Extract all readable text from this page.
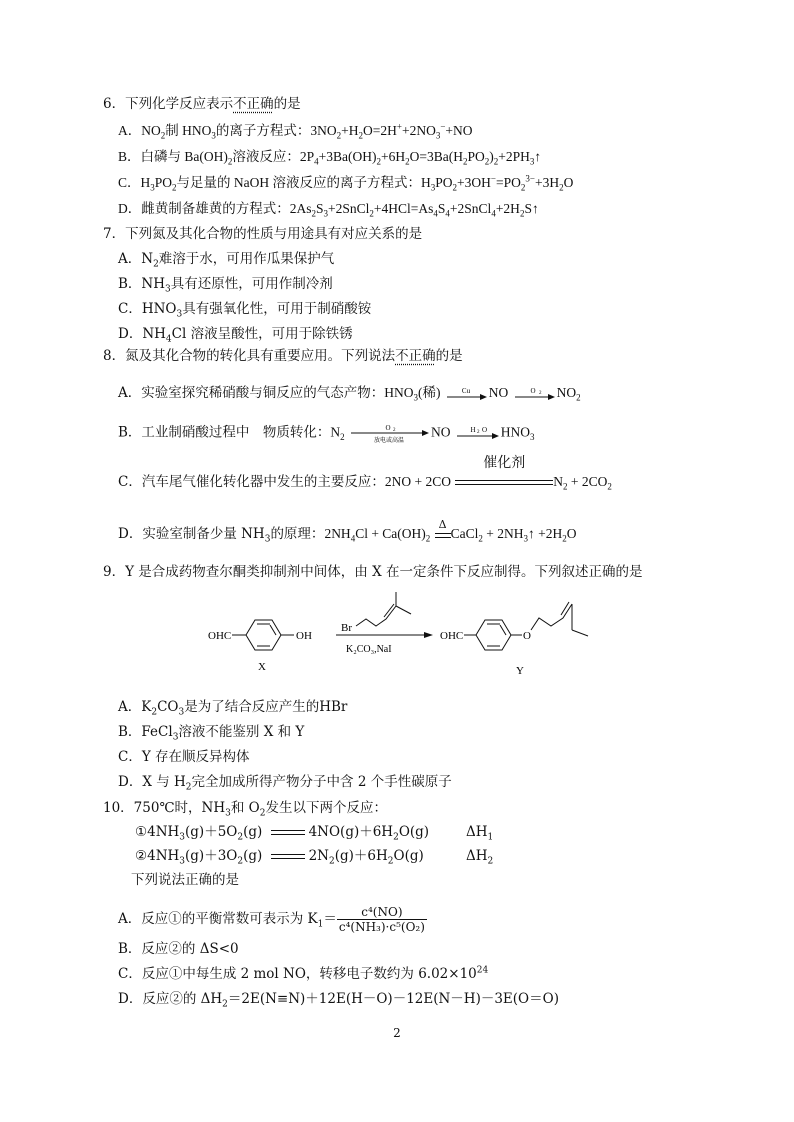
6．下列化学反应表示不正确的是
A．$NO_2$制 $HNO_3$的离子方程式：$3NO_2+H_2O=2H^++2NO_3^-+NO$
B．白磷与 $Ba(OH)_2$溶液反应：$2P_4+3Ba(OH)_2+6H_2O=3Ba(H_2PO_2)_2+2PH_3↑$
C．$H_3PO_2$与足量的 NaOH 溶液反应的离子方程式：$H_3PO_2+3OH^-=PO_2^{3-}+3H_2O$
D．雌黄制备雄黄的方程式：$2As_2S_3+2SnCl_2+4HCl=As_4S_4+2SnCl_4+2H_2S↑$
7．下列氮及其化合物的性质与用途具有对应关系的是
A．$N_2$难溶于水，可用作瓜果保护气
B．$NH_3$具有还原性，可用作制冷剂
C．$HNO_3$具有强氧化性，可用于制硝酸铵
D．$NH_4Cl$ 溶液呈酸性，可用于除铁锈
8．氮及其化合物的转化具有重要应用。下列说法不正确的是
A．实验室探究稀硝酸与铜反应的气态产物：$HNO_3$(稀)	Cu NO	O 2 $NO_2$
B．工业制硝酸过程中　物质转化：$N_2$
O 2
放电或高温
NO	H 2 O $HNO_3$
C．汽车尾气催化转化器中发生的主要反应：2NO + 2CO
催化剂
$N_2 + 2CO_2$
D．实验室制备少量 $NH_3$的原理：$2NH_4Cl + Ca(OH)_2$
Δ
CaCl$_2$ + $2NH_3↑ +2H_2O$
9．Y 是合成药物查尔酮类抑制剂中间体，由 X 在一定条件下反应制得。下列叙述正确的是
OHC	OH
X
Br
K₂CO₃,NaI
OHC	O
Y
A．$K_2CO_3$是为了结合反应产生的HBr
B．FeCl$_3$溶液不能鉴别 X 和 Y
C．Y 存在顺反异构体
D．X 与 $H_2$完全加成所得产物分子中含 2 个手性碳原子
10．750℃时，$NH_3$和 $O_2$发生以下两个反应：
$①4NH_3(g)+5O_2(g)$	$4NO(g)+6H_2O(g)$	$\Delta H_1$
$②4NH_3(g)+3O_2(g)$	$2N_2(g)+6H_2O(g)$	$\Delta H_2$
下列说法正确的是
A．反应①的平衡常数可表示为 $K_1= \frac{\text{c⁴(NO)}}{\text{c⁴(NH₃)·c⁵(O₂)}}$
B．反应②的 ΔS<0
C．反应①中每生成 2 mol NO，转移电子数约为 $6.02\times 10^{24}$
D．反应②的 $\Delta H_2=2E(N\equiv N)+12E(H-O)-12E(N-H)-3E(O=O)$
2
